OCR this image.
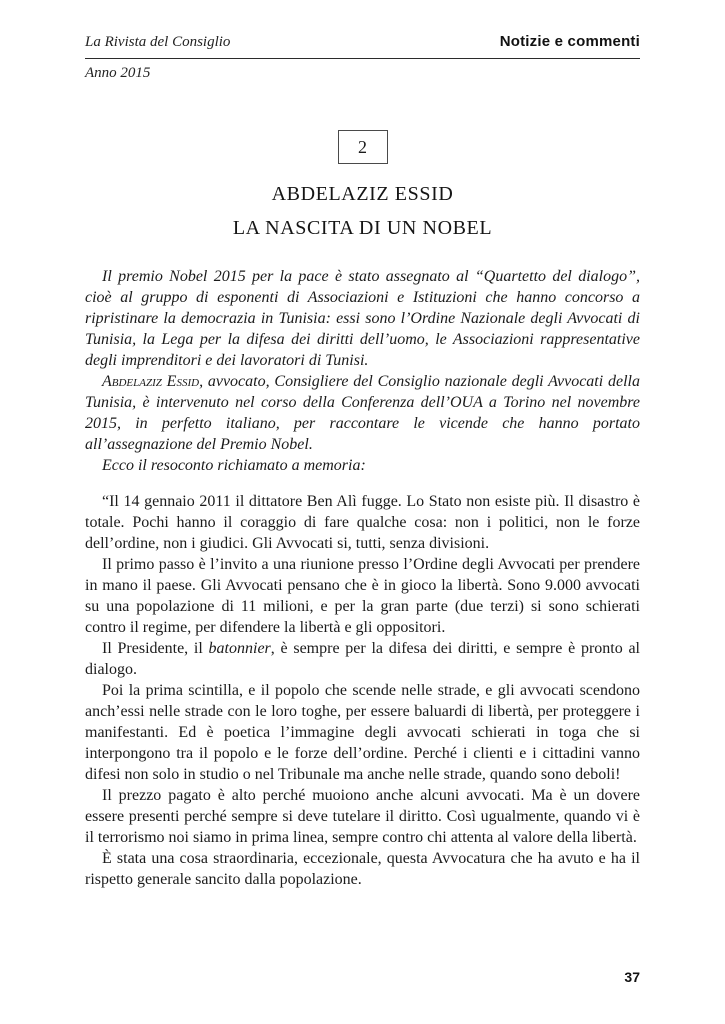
La Rivista del Consiglio	Notizie e commenti
Anno 2015
2
ABDELAZIZ ESSID
LA NASCITA DI UN NOBEL

Il premio Nobel 2015 per la pace è stato assegnato al “Quartetto del dialogo”, cioè al gruppo di esponenti di Associazioni e Istituzioni che hanno concorso a ripristinare la democrazia in Tunisia: essi sono l’Ordine Nazionale degli Avvocati di Tunisia, la Lega per la difesa dei diritti dell’uomo, le Associazioni rappresentative degli imprenditori e dei lavoratori di Tunisi.

Abdelaziz Essid, avvocato, Consigliere del Consiglio nazionale degli Avvocati della Tunisia, è intervenuto nel corso della Conferenza dell’OUA a Torino nel novembre 2015, in perfetto italiano, per raccontare le vicende che hanno portato all’assegnazione del Premio Nobel.

Ecco il resoconto richiamato a memoria:

“Il 14 gennaio 2011 il dittatore Ben Alì fugge. Lo Stato non esiste più. Il disastro è totale. Pochi hanno il coraggio di fare qualche cosa: non i politici, non le forze dell’ordine, non i giudici. Gli Avvocati si, tutti, senza divisioni.

Il primo passo è l’invito a una riunione presso l’Ordine degli Avvocati per prendere in mano il paese. Gli Avvocati pensano che è in gioco la libertà. Sono 9.000 avvocati su una popolazione di 11 milioni, e per la gran parte (due terzi) si sono schierati contro il regime, per difendere la libertà e gli oppositori.

Il Presidente, il batonnier, è sempre per la difesa dei diritti, e sempre è pronto al dialogo.

Poi la prima scintilla, e il popolo che scende nelle strade, e gli avvocati scendono anch’essi nelle strade con le loro toghe, per essere baluardi di libertà, per proteggere i manifestanti. Ed è poetica l’immagine degli avvocati schierati in toga che si interpongono tra il popolo e le forze dell’ordine. Perché i clienti e i cittadini vanno difesi non solo in studio o nel Tribunale ma anche nelle strade, quando sono deboli!

Il prezzo pagato è alto perché muoiono anche alcuni avvocati. Ma è un dovere essere presenti perché sempre si deve tutelare il diritto. Così ugualmente, quando vi è il terrorismo noi siamo in prima linea, sempre contro chi attenta al valore della libertà.

È stata una cosa straordinaria, eccezionale, questa Avvocatura che ha avuto e ha il rispetto generale sancito dalla popolazione.

37
